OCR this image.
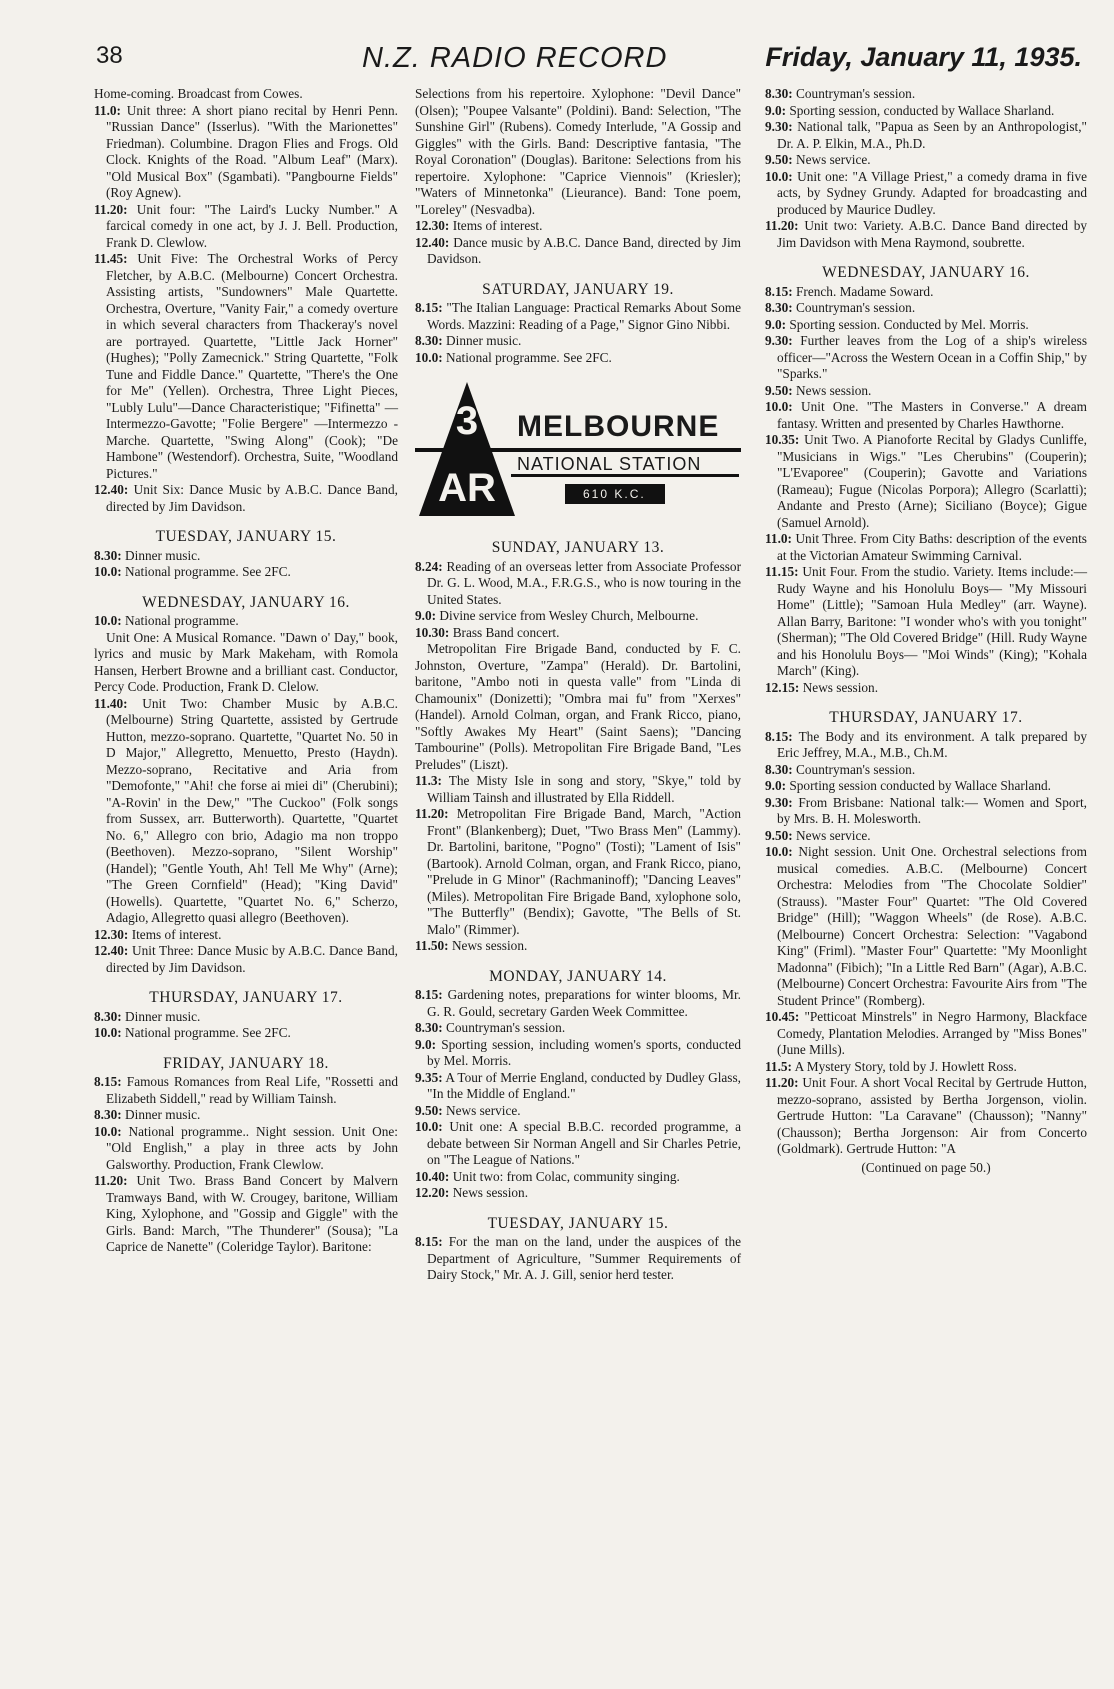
38	N.Z. RADIO RECORD	Friday, January 11, 1935.

Home-coming. Broadcast from Cowes.

11.0: Unit three: A short piano recital by Henri Penn. "Russian Dance" (Isserlus). "With the Marionettes" Friedman). Columbine. Dragon Flies and Frogs. Old Clock. Knights of the Road. "Album Leaf" (Marx). "Old Musical Box" (Sgambati). "Pangbourne Fields" (Roy Agnew).

11.20: Unit four: "The Laird's Lucky Number." A farcical comedy in one act, by J. J. Bell. Production, Frank D. Clewlow.

11.45: Unit Five: The Orchestral Works of Percy Fletcher, by A.B.C. (Melbourne) Concert Orchestra. Assisting artists, "Sundowners" Male Quartette. Orchestra, Overture, "Vanity Fair," a comedy overture in which several characters from Thackeray's novel are portrayed. Quartette, "Little Jack Horner" (Hughes); "Polly Zamecnick." String Quartette, "Folk Tune and Fiddle Dance." Quartette, "There's the One for Me" (Yellen). Orchestra, Three Light Pieces, "Lubly Lulu"—Dance Characteristique; "Fifinetta" —Intermezzo-Gavotte; "Folie Bergere" —Intermezzo - Marche. Quartette, "Swing Along" (Cook); "De Hambone" (Westendorf). Orchestra, Suite, "Woodland Pictures."

12.40: Unit Six: Dance Music by A.B.C. Dance Band, directed by Jim Davidson.

TUESDAY, JANUARY 15.

8.30: Dinner music.

10.0: National programme. See 2FC.

WEDNESDAY, JANUARY 16.

10.0: National programme.

Unit One: A Musical Romance. "Dawn o' Day," book, lyrics and music by Mark Makeham, with Romola Hansen, Herbert Browne and a brilliant cast. Conductor, Percy Code. Production, Frank D. Clelow.

11.40: Unit Two: Chamber Music by A.B.C. (Melbourne) String Quartette, assisted by Gertrude Hutton, mezzo-soprano. Quartette, "Quartet No. 50 in D Major," Allegretto, Menuetto, Presto (Haydn). Mezzo-soprano, Recitative and Aria from "Demofonte," "Ahi! che forse ai miei di" (Cherubini); "A-Rovin' in the Dew," "The Cuckoo" (Folk songs from Sussex, arr. Butterworth). Quartette, "Quartet No. 6," Allegro con brio, Adagio ma non troppo (Beethoven). Mezzo-soprano, "Silent Worship" (Handel); "Gentle Youth, Ah! Tell Me Why" (Arne); "The Green Cornfield" (Head); "King David" (Howells). Quartette, "Quartet No. 6," Scherzo, Adagio, Allegretto quasi allegro (Beethoven).

12.30: Items of interest.

12.40: Unit Three: Dance Music by A.B.C. Dance Band, directed by Jim Davidson.

THURSDAY, JANUARY 17.

8.30: Dinner music.

10.0: National programme. See 2FC.

FRIDAY, JANUARY 18.

8.15: Famous Romances from Real Life, "Rossetti and Elizabeth Siddell," read by William Tainsh.

8.30: Dinner music.

10.0: National programme.. Night session. Unit One: "Old English," a play in three acts by John Galsworthy. Production, Frank Clewlow.

11.20: Unit Two. Brass Band Concert by Malvern Tramways Band, with W. Crougey, baritone, William King, Xylophone, and "Gossip and Giggle" with the Girls. Band: March, "The Thunderer" (Sousa); "La Caprice de Nanette" (Coleridge Taylor). Baritone:

Selections from his repertoire. Xylophone: "Devil Dance" (Olsen); "Poupee Valsante" (Poldini). Band: Selection, "The Sunshine Girl" (Rubens). Comedy Interlude, "A Gossip and Giggles" with the Girls. Band: Descriptive fantasia, "The Royal Coronation" (Douglas). Baritone: Selections from his repertoire. Xylophone: "Caprice Viennois" (Kriesler); "Waters of Minnetonka" (Lieurance). Band: Tone poem, "Loreley" (Nesvadba).

12.30: Items of interest.

12.40: Dance music by A.B.C. Dance Band, directed by Jim Davidson.

SATURDAY, JANUARY 19.

8.15: "The Italian Language: Practical Remarks About Some Words. Mazzini: Reading of a Page," Signor Gino Nibbi.

8.30: Dinner music.

10.0: National programme. See 2FC.

3
AR
MELBOURNE
NATIONAL STATION
610 K.C.
SUNDAY, JANUARY 13.

8.24: Reading of an overseas letter from Associate Professor Dr. G. L. Wood, M.A., F.R.G.S., who is now touring in the United States.

9.0: Divine service from Wesley Church, Melbourne.

10.30: Brass Band concert.

Metropolitan Fire Brigade Band, conducted by F. C. Johnston, Overture, "Zampa" (Herald). Dr. Bartolini, baritone, "Ambo noti in questa valle" from "Linda di Chamounix" (Donizetti); "Ombra mai fu" from "Xerxes" (Handel). Arnold Colman, organ, and Frank Ricco, piano, "Softly Awakes My Heart" (Saint Saens); "Dancing Tambourine" (Polls). Metropolitan Fire Brigade Band, "Les Preludes" (Liszt).

11.3: The Misty Isle in song and story, "Skye," told by William Tainsh and illustrated by Ella Riddell.

11.20: Metropolitan Fire Brigade Band, March, "Action Front" (Blankenberg); Duet, "Two Brass Men" (Lammy). Dr. Bartolini, baritone, "Pogno" (Tosti); "Lament of Isis" (Bartook). Arnold Colman, organ, and Frank Ricco, piano, "Prelude in G Minor" (Rachmaninoff); "Dancing Leaves" (Miles). Metropolitan Fire Brigade Band, xylophone solo, "The Butterfly" (Bendix); Gavotte, "The Bells of St. Malo" (Rimmer).

11.50: News session.

MONDAY, JANUARY 14.

8.15: Gardening notes, preparations for winter blooms, Mr. G. R. Gould, secretary Garden Week Committee.

8.30: Countryman's session.

9.0: Sporting session, including women's sports, conducted by Mel. Morris.

9.35: A Tour of Merrie England, conducted by Dudley Glass, "In the Middle of England."

9.50: News service.

10.0: Unit one: A special B.B.C. recorded programme, a debate between Sir Norman Angell and Sir Charles Petrie, on "The League of Nations."

10.40: Unit two: from Colac, community singing.

12.20: News session.

TUESDAY, JANUARY 15.

8.15: For the man on the land, under the auspices of the Department of Agriculture, "Summer Requirements of Dairy Stock," Mr. A. J. Gill, senior herd tester.

8.30: Countryman's session.

9.0: Sporting session, conducted by Wallace Sharland.

9.30: National talk, "Papua as Seen by an Anthropologist," Dr. A. P. Elkin, M.A., Ph.D.

9.50: News service.

10.0: Unit one: "A Village Priest," a comedy drama in five acts, by Sydney Grundy. Adapted for broadcasting and produced by Maurice Dudley.

11.20: Unit two: Variety. A.B.C. Dance Band directed by Jim Davidson with Mena Raymond, soubrette.

WEDNESDAY, JANUARY 16.

8.15: French. Madame Soward.

8.30: Countryman's session.

9.0: Sporting session. Conducted by Mel. Morris.

9.30: Further leaves from the Log of a ship's wireless officer—"Across the Western Ocean in a Coffin Ship," by "Sparks."

9.50: News session.

10.0: Unit One. "The Masters in Converse." A dream fantasy. Written and presented by Charles Hawthorne.

10.35: Unit Two. A Pianoforte Recital by Gladys Cunliffe, "Musicians in Wigs." "Les Cherubins" (Couperin); "L'Evaporee" (Couperin); Gavotte and Variations (Rameau); Fugue (Nicolas Porpora); Allegro (Scarlatti); Andante and Presto (Arne); Siciliano (Boyce); Gigue (Samuel Arnold).

11.0: Unit Three. From City Baths: description of the events at the Victorian Amateur Swimming Carnival.

11.15: Unit Four. From the studio. Variety. Items include:— Rudy Wayne and his Honolulu Boys— "My Missouri Home" (Little); "Samoan Hula Medley" (arr. Wayne). Allan Barry, Baritone: "I wonder who's with you tonight" (Sherman); "The Old Covered Bridge" (Hill. Rudy Wayne and his Honolulu Boys— "Moi Winds" (King); "Kohala March" (King).

12.15: News session.

THURSDAY, JANUARY 17.

8.15: The Body and its environment. A talk prepared by Eric Jeffrey, M.A., M.B., Ch.M.

8.30: Countryman's session.

9.0: Sporting session conducted by Wallace Sharland.

9.30: From Brisbane: National talk:— Women and Sport, by Mrs. B. H. Molesworth.

9.50: News service.

10.0: Night session. Unit One. Orchestral selections from musical comedies. A.B.C. (Melbourne) Concert Orchestra: Melodies from "The Chocolate Soldier" (Strauss). "Master Four" Quartet: "The Old Covered Bridge" (Hill); "Waggon Wheels" (de Rose). A.B.C. (Melbourne) Concert Orchestra: Selection: "Vagabond King" (Friml). "Master Four" Quartette: "My Moonlight Madonna" (Fibich); "In a Little Red Barn" (Agar), A.B.C. (Melbourne) Concert Orchestra: Favourite Airs from "The Student Prince" (Romberg).

10.45: "Petticoat Minstrels" in Negro Harmony, Blackface Comedy, Plantation Melodies. Arranged by "Miss Bones" (June Mills).

11.5: A Mystery Story, told by J. Howlett Ross.

11.20: Unit Four. A short Vocal Recital by Gertrude Hutton, mezzo-soprano, assisted by Bertha Jorgenson, violin. Gertrude Hutton: "La Caravane" (Chausson); "Nanny" (Chausson); Bertha Jorgenson: Air from Concerto (Goldmark). Gertrude Hutton: "A

(Continued on page 50.)
